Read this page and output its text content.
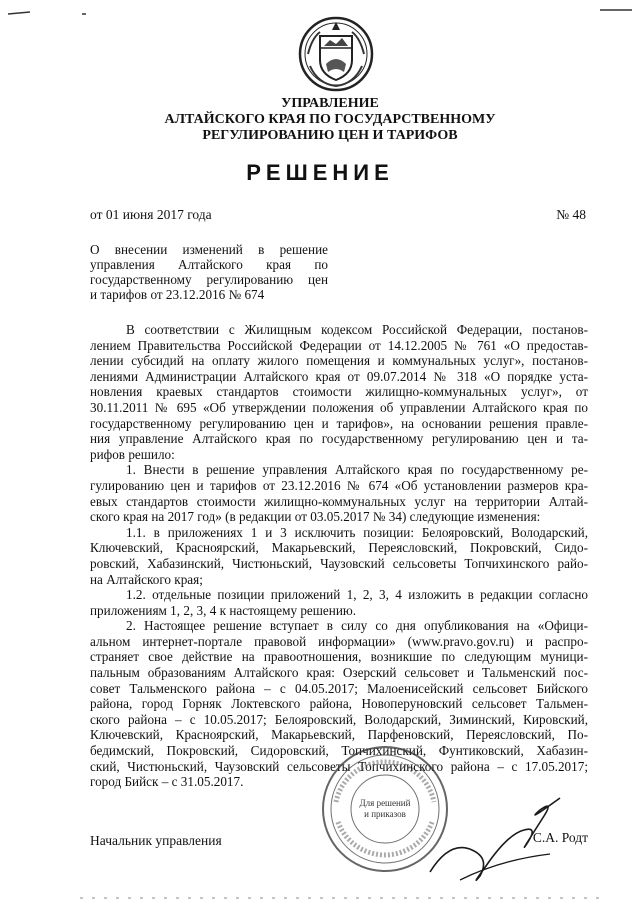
УПРАВЛЕНИЕ
АЛТАЙСКОГО КРАЯ ПО ГОСУДАРСТВЕННОМУ
РЕГУЛИРОВАНИЮ ЦЕН И ТАРИФОВ
РЕШЕНИЕ
от 01 июня 2017 года	№ 48
О внесении изменений в решение
управления Алтайского края по
государственному регулированию цен
и тарифов от 23.12.2016 № 674

В соответствии с Жилищным кодексом Российской Федерации, постанов-
лением Правительства Российской Федерации от 14.12.2005 № 761 «О предостав-
лении субсидий на оплату жилого помещения и коммунальных услуг», постанов-
лениями Администрации Алтайского края от 09.07.2014 № 318 «О порядке уста-
новления краевых стандартов стоимости жилищно-коммунальных услуг», от
30.11.2011 № 695 «Об утверждении положения об управлении Алтайского края по
государственному регулированию цен и тарифов», на основании решения правле-
ния управление Алтайского края по государственному регулированию цен и та-
рифов решило:

1. Внести в решение управления Алтайского края по государственному ре-
гулированию цен и тарифов от 23.12.2016 № 674 «Об установлении размеров кра-
евых стандартов стоимости жилищно-коммунальных услуг на территории Алтай-
ского края на 2017 год» (в редакции от 03.05.2017 № 34) следующие изменения:

1.1. в приложениях 1 и 3 исключить позиции: Белояровский, Володарский,
Ключевский, Красноярский, Макарьевский, Переясловский, Покровский, Сидо-
ровский, Хабазинский, Чистюньский, Чаузовский сельсоветы Топчихинского райо-
на Алтайского края;

1.2. отдельные позиции приложений 1, 2, 3, 4 изложить в редакции согласно
приложениям 1, 2, 3, 4 к настоящему решению.

2. Настоящее решение вступает в силу со дня опубликования на «Офици-
альном интернет-портале правовой информации» (www.pravo.gov.ru) и распро-
страняет свое действие на правоотношения, возникшие по следующим муници-
пальным образованиям Алтайского края: Озерский сельсовет и Тальменский пос-
совет Тальменского района – с 04.05.2017; Малоенисейский сельсовет Бийского
района, город Горняк Локтевского района, Новоперуновский сельсовет Тальмен-
ского района – с 10.05.2017; Белояровский, Володарский, Зиминский, Кировский,
Ключевский, Красноярский, Макарьевский, Парфеновский, Переясловский, По-
бедимский, Покровский, Сидоровский, Топчихинский, Фунтиковский, Хабазин-
ский, Чистюньский, Чаузовский сельсоветы Топчихинского района – с 17.05.2017;
город Бийск – с 31.05.2017.

Для решений
и приказов
Начальник управления	С.А. Родт
